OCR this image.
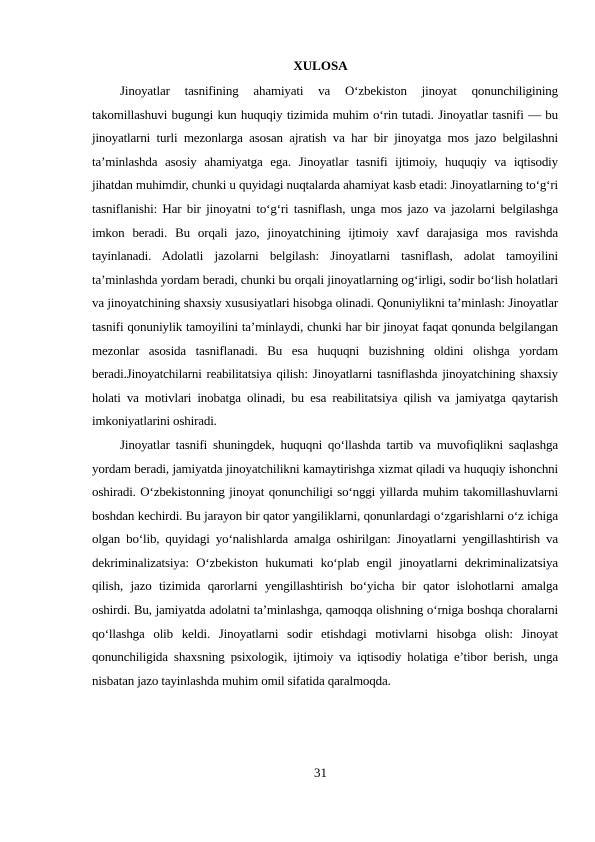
XULOSA

Jinoyatlar tasnifining ahamiyati va O‘zbekiston jinoyat qonunchiligining takomillashuvi bugungi kun huquqiy tizimida muhim o‘rin tutadi. Jinoyatlar tasnifi — bu jinoyatlarni turli mezonlarga asosan ajratish va har bir jinoyatga mos jazo belgilashni ta’minlashda asosiy ahamiyatga ega. Jinoyatlar tasnifi ijtimoiy, huquqiy va iqtisodiy jihatdan muhimdir, chunki u quyidagi nuqtalarda ahamiyat kasb etadi: Jinoyatlarning to‘g‘ri tasniflanishi: Har bir jinoyatni to‘g‘ri tasniflash, unga mos jazo va jazolarni belgilashga imkon beradi. Bu orqali jazo, jinoyatchining ijtimoiy xavf darajasiga mos ravishda tayinlanadi. Adolatli jazolarni belgilash: Jinoyatlarni tasniflash, adolat tamoyilini ta’minlashda yordam beradi, chunki bu orqali jinoyatlarning og‘irligi, sodir bo‘lish holatlari va jinoyatchining shaxsiy xususiyatlari hisobga olinadi. Qonuniylikni ta’minlash: Jinoyatlar tasnifi qonuniylik tamoyilini ta’minlaydi, chunki har bir jinoyat faqat qonunda belgilangan mezonlar asosida tasniflanadi. Bu esa huquqni buzishning oldini olishga yordam beradi.Jinoyatchilarni reabilitatsiya qilish: Jinoyatlarni tasniflashda jinoyatchining shaxsiy holati va motivlari inobatga olinadi, bu esa reabilitatsiya qilish va jamiyatga qaytarish imkoniyatlarini oshiradi.

Jinoyatlar tasnifi shuningdek, huquqni qo‘llashda tartib va muvofiqlikni saqlashga yordam beradi, jamiyatda jinoyatchilikni kamaytirishga xizmat qiladi va huquqiy ishonchni oshiradi. O‘zbekistonning jinoyat qonunchiligi so‘nggi yillarda muhim takomillashuvlarni boshdan kechirdi. Bu jarayon bir qator yangiliklarni, qonunlardagi o‘zgarishlarni o‘z ichiga olgan bo‘lib, quyidagi yo‘nalishlarda amalga oshirilgan: Jinoyatlarni yengillashtirish va dekriminalizatsiya: O‘zbekiston hukumati ko‘plab engil jinoyatlarni dekriminalizatsiya qilish, jazo tizimida qarorlarni yengillashtirish bo‘yicha bir qator islohotlarni amalga oshirdi. Bu, jamiyatda adolatni ta’minlashga, qamoqqa olishning o‘rniga boshqa choralarni qo‘llashga olib keldi. Jinoyatlarni sodir etishdagi motivlarni hisobga olish: Jinoyat qonunchiligida shaxsning psixologik, ijtimoiy va iqtisodiy holatiga e’tibor berish, unga nisbatan jazo tayinlashda muhim omil sifatida qaralmoqda.

31
